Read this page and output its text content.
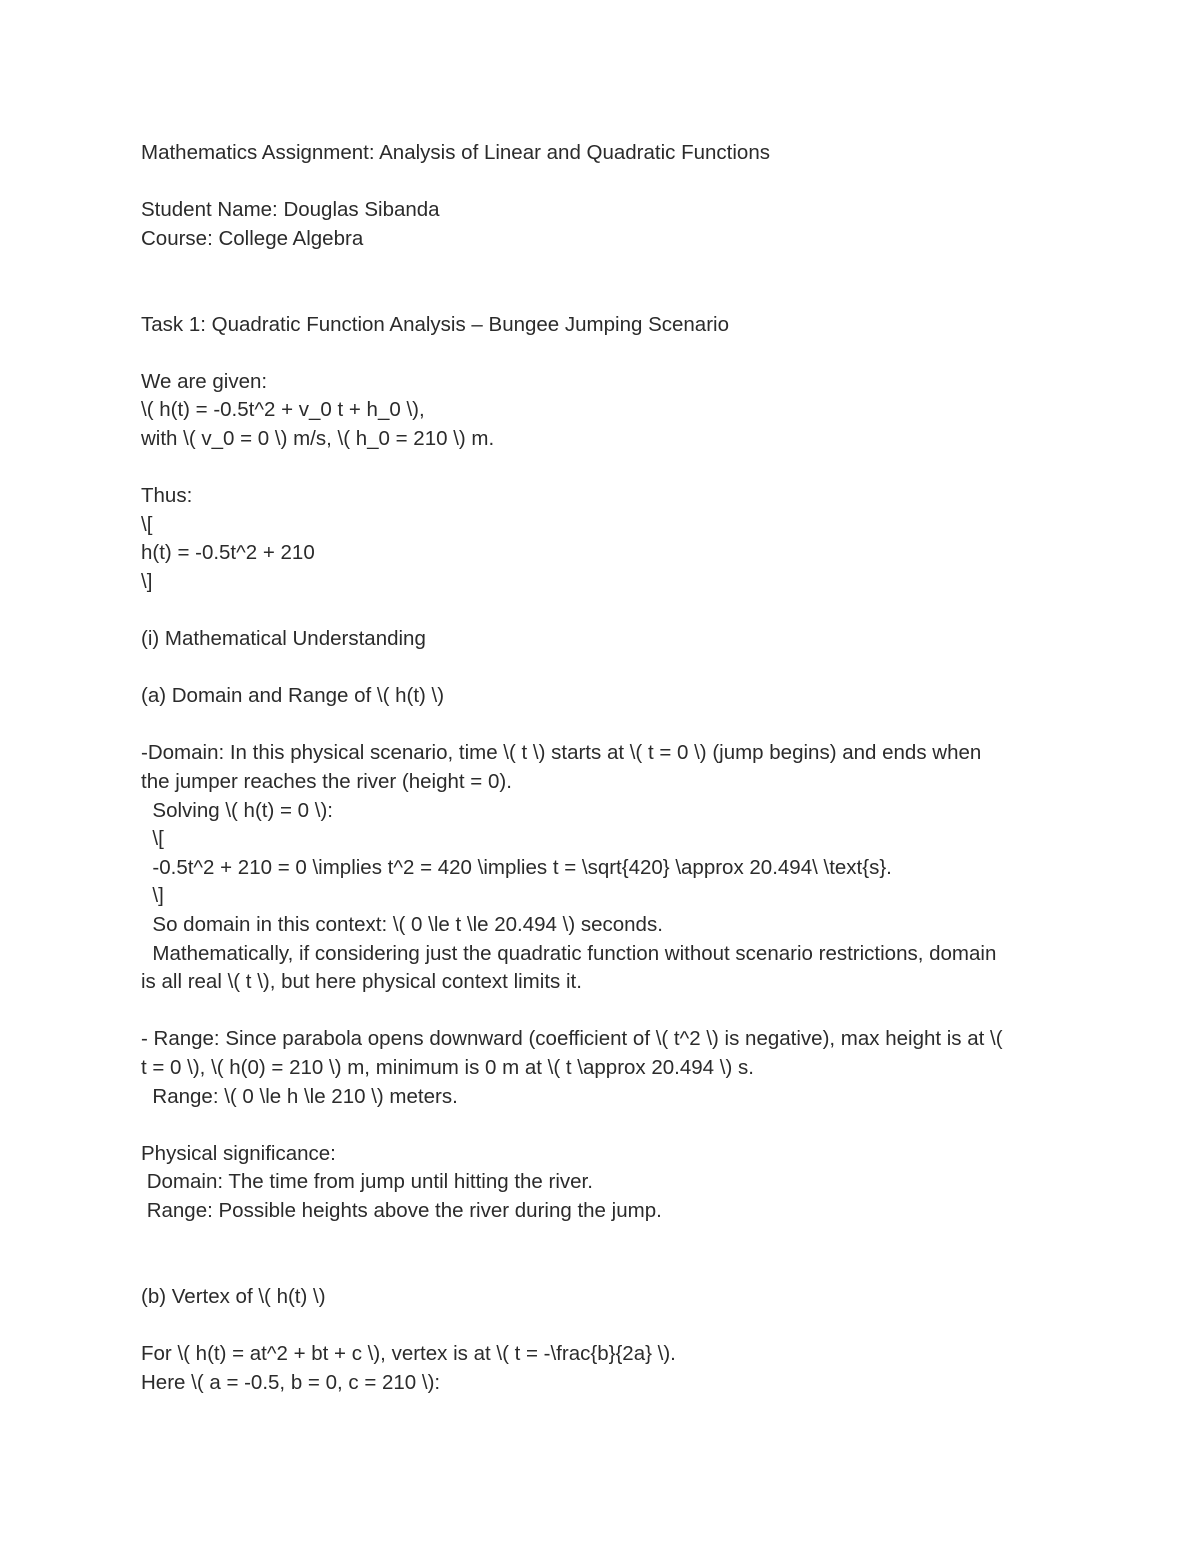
Mathematics Assignment: Analysis of Linear and Quadratic Functions

Student Name: Douglas Sibanda

Course: College Algebra

Task 1: Quadratic Function Analysis – Bungee Jumping Scenario

We are given:

\( h(t) = -0.5t^2 + v_0 t + h_0 \),

with \( v_0 = 0 \) m/s, \( h_0 = 210 \) m.

Thus:

\[

h(t) = -0.5t^2 + 210

\]

(i) Mathematical Understanding

(a) Domain and Range of \( h(t) \)

-Domain: In this physical scenario, time \( t \) starts at \( t = 0 \) (jump begins) and ends when

the jumper reaches the river (height = 0).

Solving \( h(t) = 0 \):

\[

-0.5t^2 + 210 = 0 \implies t^2 = 420 \implies t = \sqrt{420} \approx 20.494\ \text{s}.

\]

So domain in this context: \( 0 \le t \le 20.494 \) seconds.

Mathematically, if considering just the quadratic function without scenario restrictions, domain

is all real \( t \), but here physical context limits it.

- Range: Since parabola opens downward (coefficient of \( t^2 \) is negative), max height is at \(

t = 0 \), \( h(0) = 210 \) m, minimum is 0 m at \( t \approx 20.494 \) s.

Range: \( 0 \le h \le 210 \) meters.

Physical significance:

Domain: The time from jump until hitting the river.

Range: Possible heights above the river during the jump.

(b) Vertex of \( h(t) \)

For \( h(t) = at^2 + bt + c \), vertex is at \( t = -\frac{b}{2a} \).

Here \( a = -0.5, b = 0, c = 210 \):
